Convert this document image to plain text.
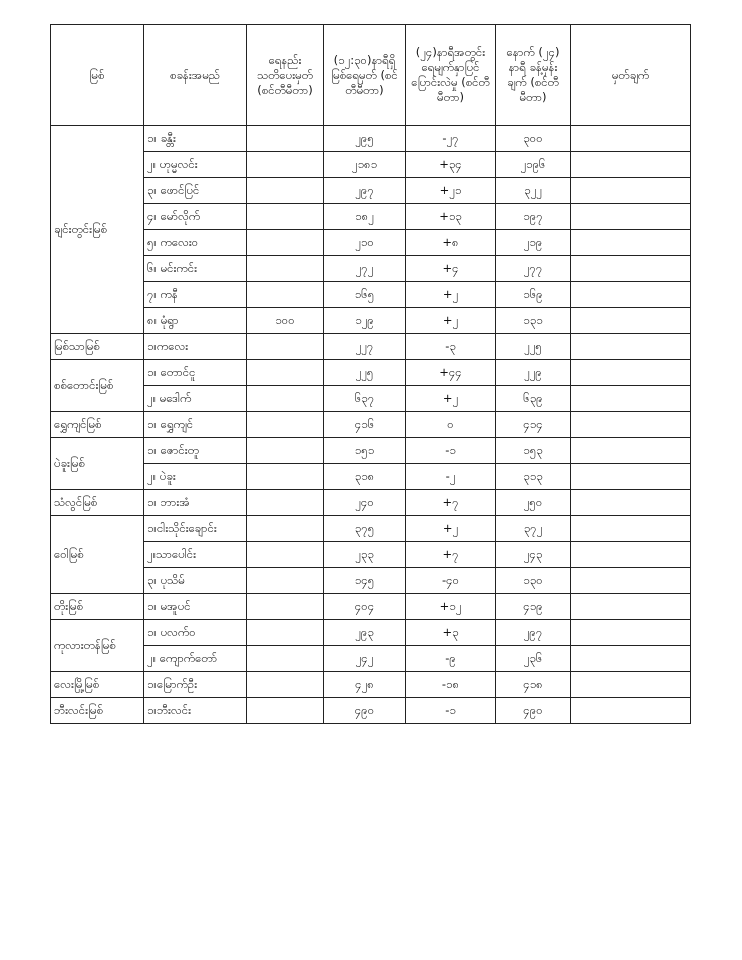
မြစ်	စခန်းအမည်	ရေနည်း သတိပေးမှတ် (စင်တီမီတာ)	(၁၂:၃၀)နာရီရှိ မြစ်ရေမှတ် (စင်တီမီတာ)	(၂၄)နာရီအတွင်း ရေမျက်နှာပြင် ပြောင်းလဲမှု (စင်တီမီတာ)	နောက် (၂၄) နာရီ ခန့်မှန်းချက် (စင်တီမီတာ)	မှတ်ချက်
ချင်းတွင်းမြစ်	၁။ ခန္တီး		၂၉၅	-၂၇	၃၀၀	
	၂။ ဟုမ္မလင်း		၂၁၈၁	+၃၄	၂၁၉၆	
	၃။ ဖောင်ပြင်		၂၉၇	+၂၁	၃၂၂	
	၄။ မော်လိုက်		၁၈၂	+၁၃	၁၉၇	
	၅။ ကလေးဝ		၂၁၀	+၈	၂၁၉	
	၆။ မင်းကင်း		၂၇၂	+၄	၂၇၇	
	၇။ ကနီ		၁၆၅	+၂	၁၆၉	
	၈။ မုံရွာ	၁၀၀	၁၂၉	+၂	၁၃၁	
မြစ်သာမြစ်	၁။ကလေး		၂၂၇	-၃	၂၂၅	
စစ်တောင်းမြစ်	၁။ တောင်ငူ		၂၂၅	+၄၄	၂၂၉	
	၂။ မဒေါက်		၆၃၇	+၂	၆၃၉	
ရွှေကျင်မြစ်	၁။ ရွှေကျင်		၄၁၆	၀	၄၁၄	
ပဲခူးမြစ်	၁။ ဇောင်းတူ		၁၅၁	-၁	၁၅၃	
	၂။ ပဲခူး		၃၁၈	-၂	၃၁၃	
သံလွင်မြစ်	၁။ ဘားအံ		၂၄၀	+၇	၂၅၀	
ဝေါမြစ်	၁။ငါးသိုင်းချောင်း		၃၇၅	+၂	၃၇၂	
	၂။သာပေါင်း		၂၃၃	+၇	၂၄၃	
	၃။ ပုသိမ်		၁၄၅	-၄၀	၁၃၀	
တိုးမြစ်	၁။ မအူပင်		၄၀၄	+၁၂	၄၁၉	
ကုလားတန်မြစ်	၁။ ပလက်ဝ		၂၉၃	+၃	၂၉၇	
	၂။ ကျောက်တော်		၂၄၂	-၉	၂၃၆	
လေးမြို့မြစ်	၁။မြောက်ဦး		၄၂၈	-၁၈	၄၁၈	
ဘီးလင်းမြစ်	၁။ဘီးလင်း		၄၉၀	-၁	၄၉၀	
